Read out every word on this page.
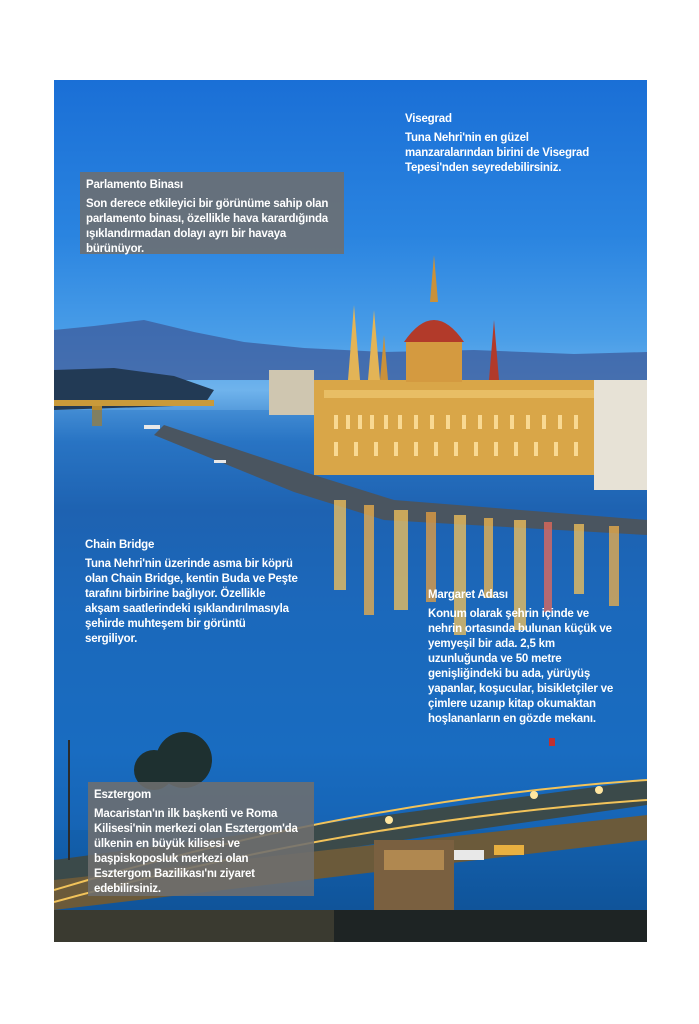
Visegrad
Tuna Nehri'nin en güzel manzaralarından birini de Visegrad Tepesi'nden seyredebilirsiniz.
Parlamento Binası
Son derece etkileyici bir görünüme sahip olan parlamento binası, özellikle hava karardığında ışıklandırmadan dolayı ayrı bir havaya bürünüyor.
Chain Bridge
Tuna Nehri'nin üzerinde asma bir köprü olan Chain Bridge, kentin Buda ve Peşte tarafını birbirine bağlıyor. Özellikle akşam saatlerindeki ışıklandırılmasıyla şehirde muhteşem bir görüntü sergiliyor.
Margaret Adası
Konum olarak şehrin içinde ve nehrin ortasında bulunan küçük ve yemyeşil bir ada. 2,5 km uzunluğunda ve 50 metre genişliğindeki bu ada, yürüyüş yapanlar, koşucular, bisikletçiler ve çimlere uzanıp kitap okumaktan hoşlananların en gözde mekanı.
Esztergom
Macaristan'ın ilk başkenti ve Roma Kilisesi'nin merkezi olan Esztergom'da ülkenin en büyük kilisesi ve başpiskoposluk merkezi olan Esztergom Bazilikası'nı ziyaret edebilirsiniz.
